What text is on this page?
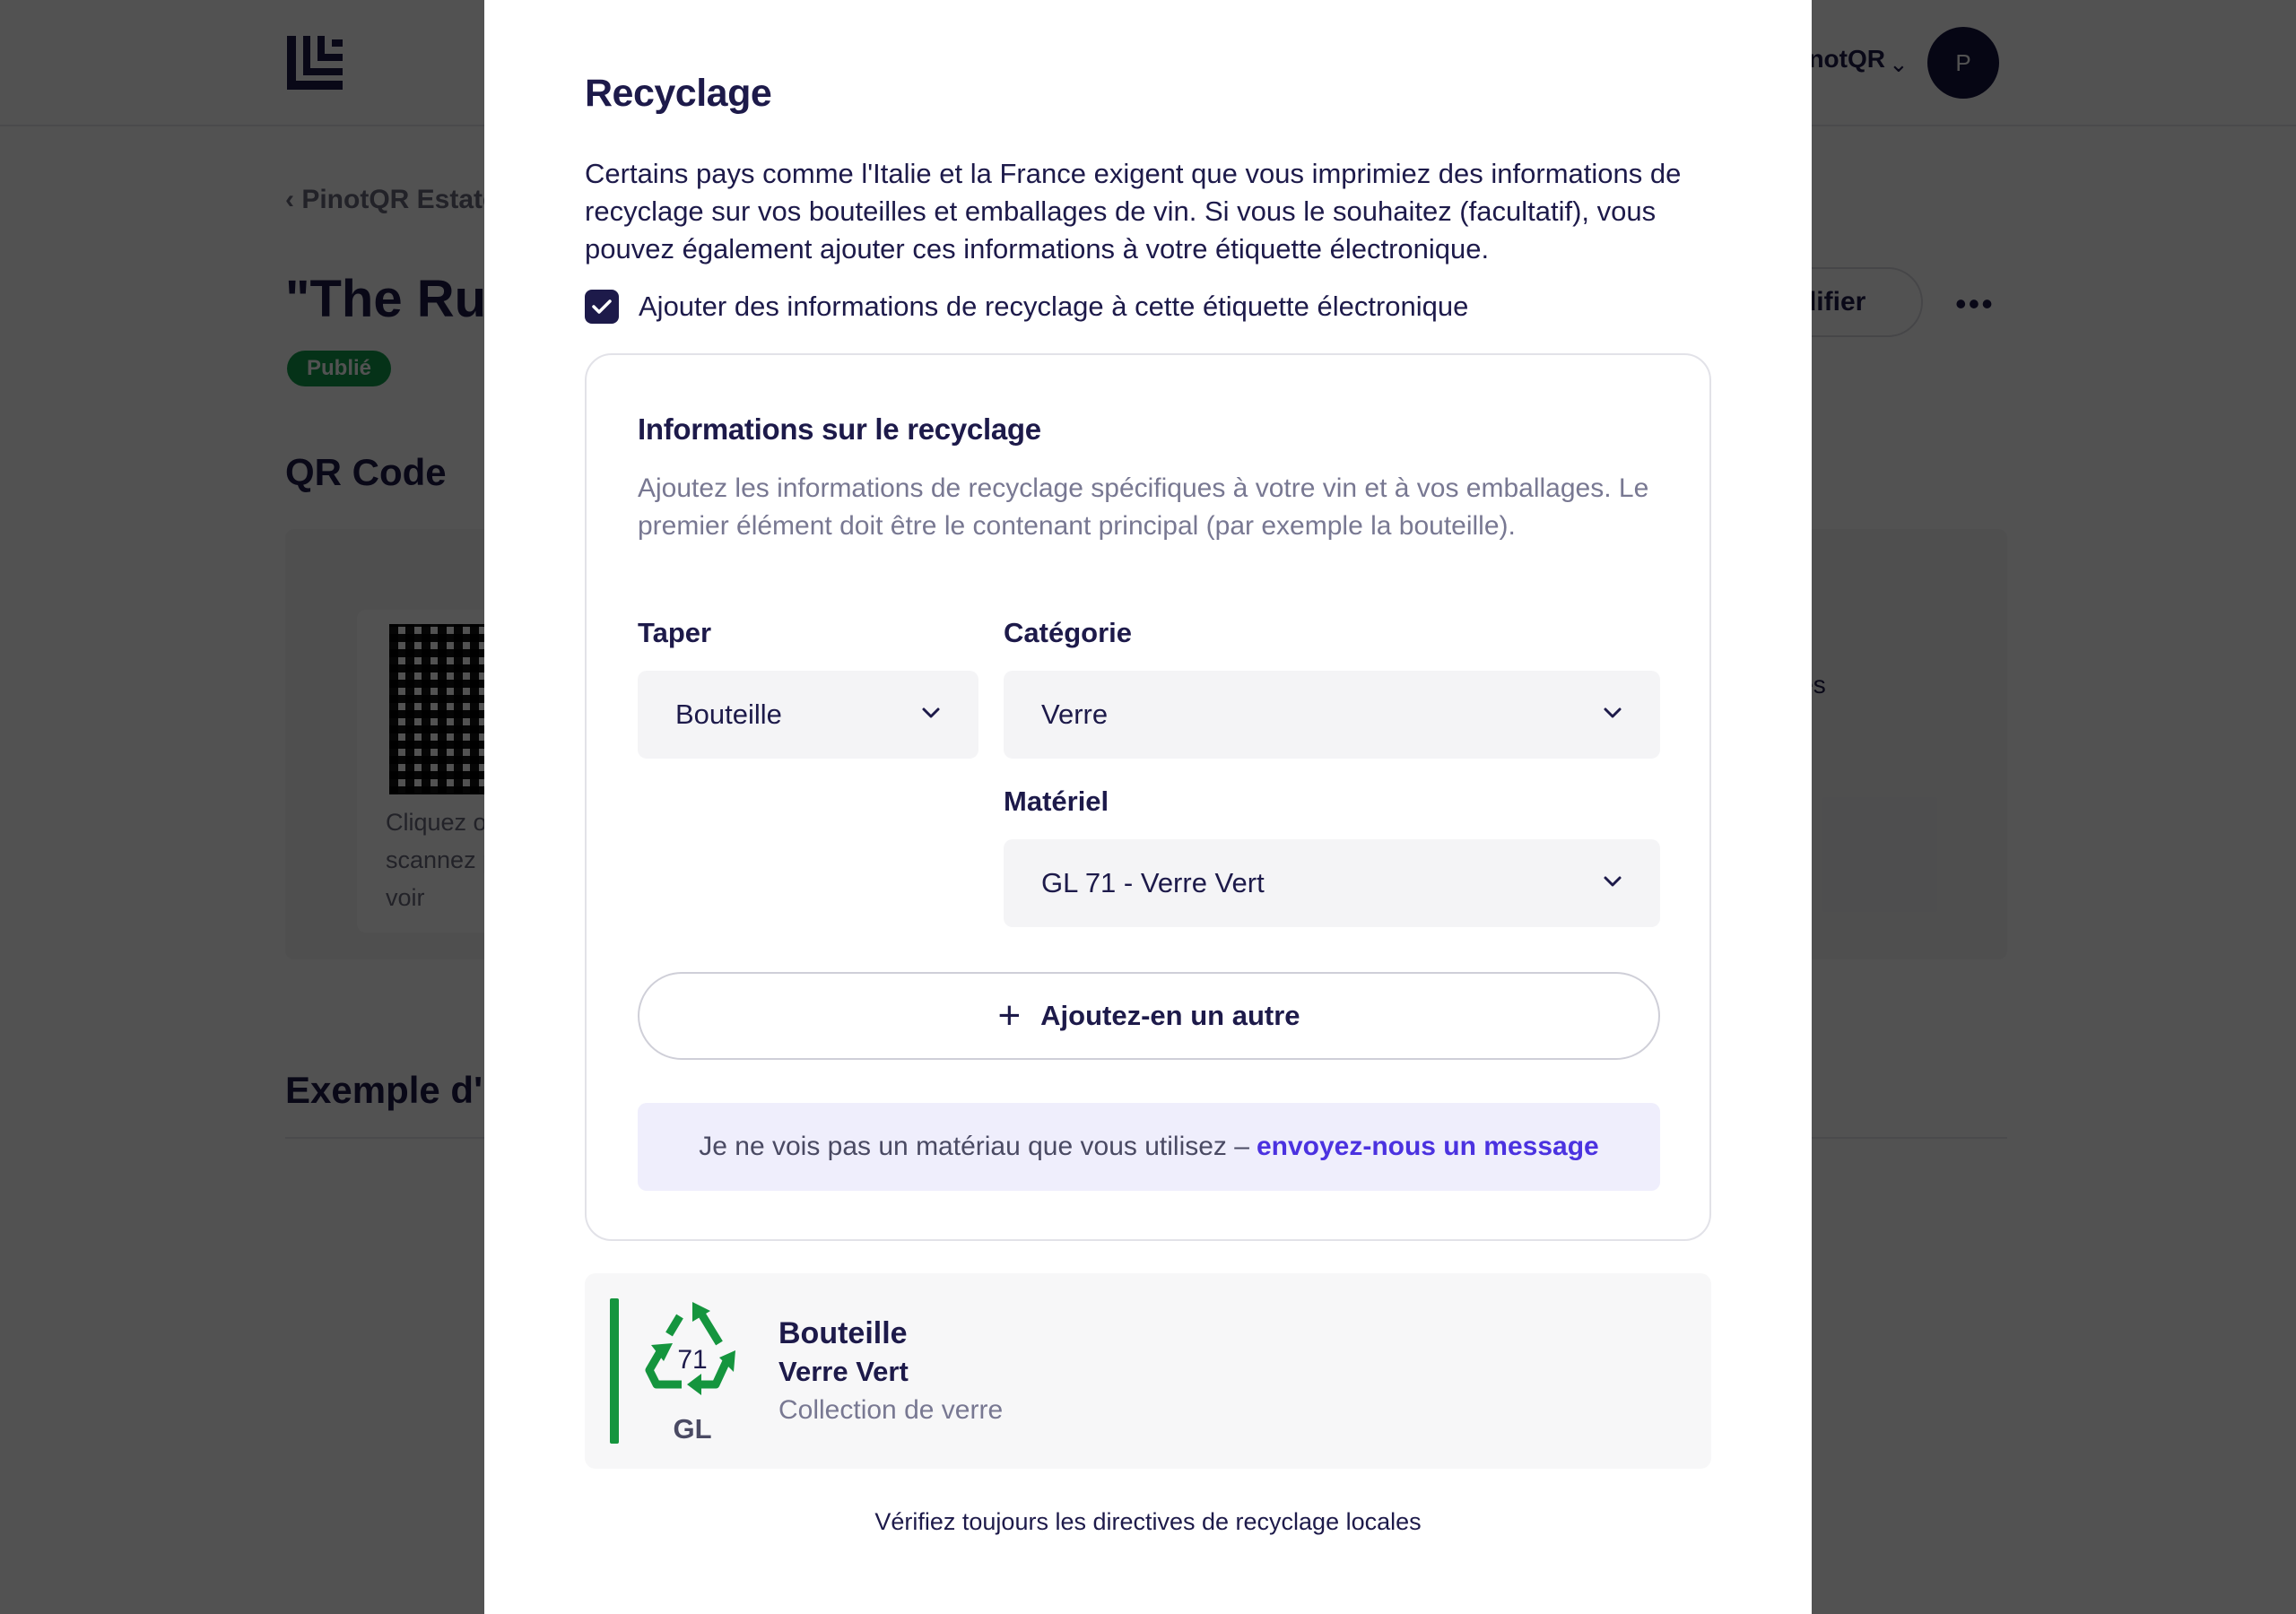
Recyclage
Certains pays comme l'Italie et la France exigent que vous imprimiez des informations de recyclage sur vos bouteilles et emballages de vin. Si vous le souhaitez (facultatif), vous pouvez également ajouter ces informations à votre étiquette électronique.
Ajouter des informations de recyclage à cette étiquette électronique
Informations sur le recyclage
Ajoutez les informations de recyclage spécifiques à votre vin et à vos emballages. Le premier élément doit être le contenant principal (par exemple la bouteille).
Taper
Bouteille
Catégorie
Verre
Matériel
GL 71 - Verre Vert
+ Ajoutez-en un autre
Je ne vois pas un matériau que vous utilisez – envoyez-nous un message
71
GL
Bouteille
Verre Vert
Collection de verre
Vérifiez toujours les directives de recyclage locales
